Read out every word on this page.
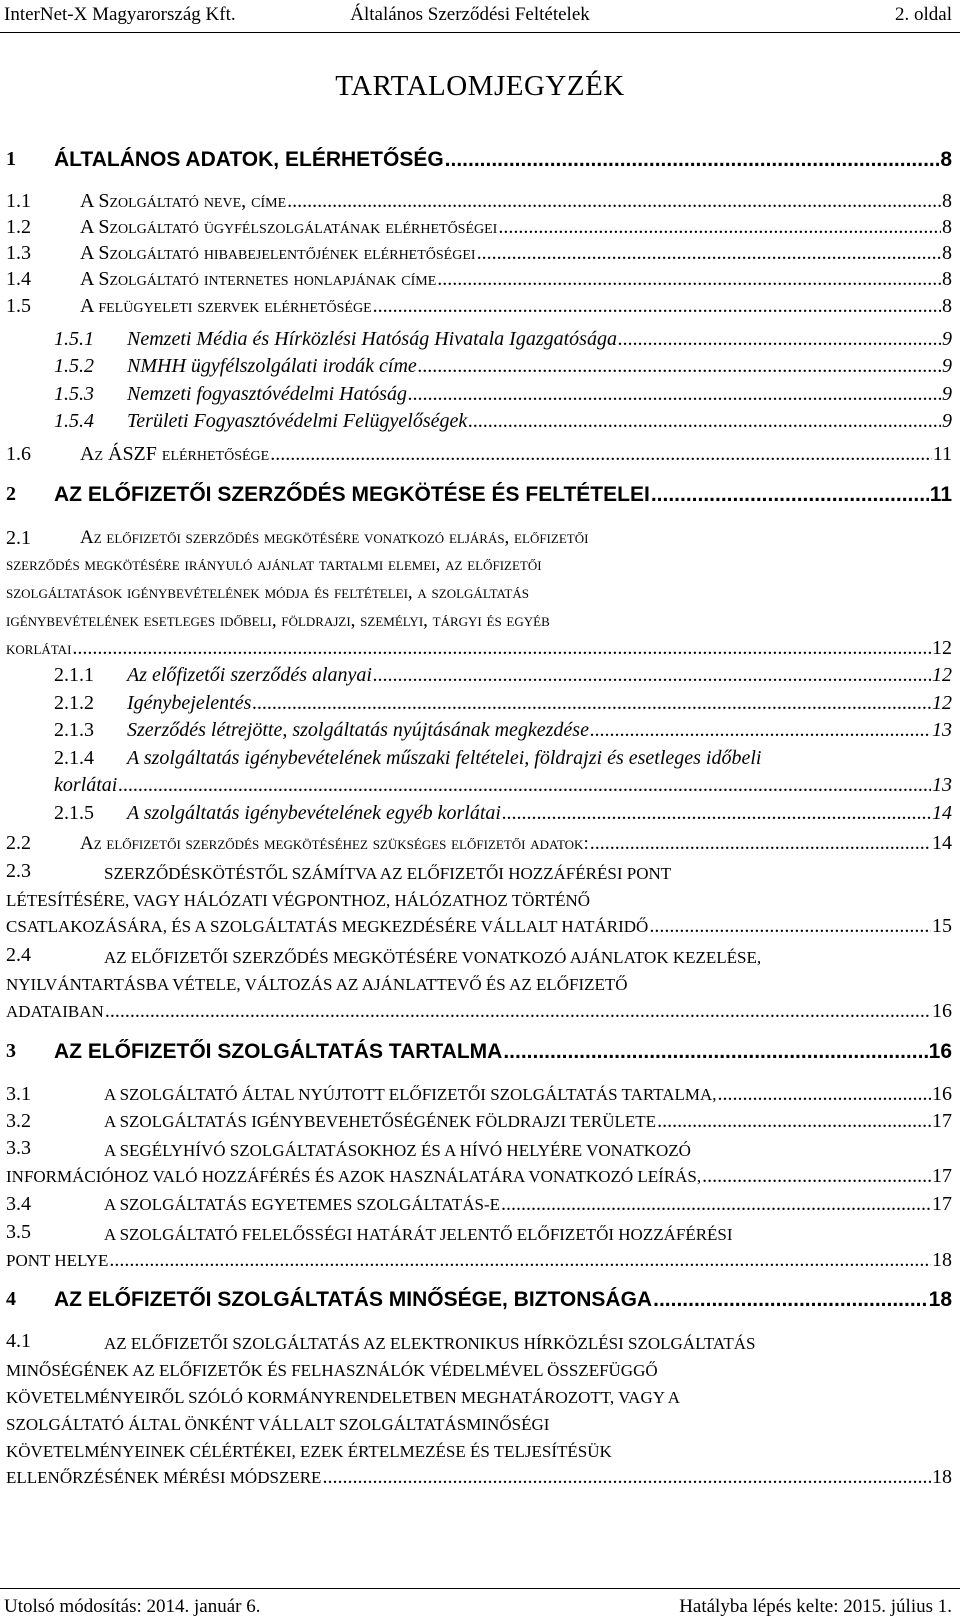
InterNet-X Magyarország Kft.	Általános Szerződési Feltételek	2. oldal
TARTALOMJEGYZÉK
1 ÁLTALÁNOS ADATOK, ELÉRHETŐSÉG .....	8
1.1 A Szolgáltató neve, címe .....	8
1.2 A Szolgáltató ügyfélszolgálatának elérhetőségei .....	8
1.3 A Szolgáltató hibabejelentőjének elérhetőségei .....	8
1.4 A Szolgáltató internetes honlapjának címe .....	8
1.5 A felügyeleti szervek elérhetősége .....	8
1.5.1 Nemzeti Média és Hírközlési Hatóság Hivatala Igazgatósága .....	9
1.5.2 NMHH ügyfélszolgálati irodák címe .....	9
1.5.3 Nemzeti fogyasztóvédelmi Hatóság .....	9
1.5.4 Területi Fogyasztóvédelmi Felügyelőségek .....	9
1.6 Az ÁSZF elérhetősége .....	11
2 AZ ELŐFIZETŐI SZERZŐDÉS MEGKÖTÉSE ÉS FELTÉTELEI .....	11
2.1	Az előfizetői szerződés megkötésére vonatkozó eljárás, előfizetői
szerződés megkötésére irányuló ajánlat tartalmi elemei, az előfizetői
szolgáltatások igénybevételének módja és feltételei, a szolgáltatás
igénybevételének esetleges időbeli, földrajzi, személyi, tárgyi és egyéb
korlátai .....	12
2.1.1 Az előfizetői szerződés alanyai .....	12
2.1.2 Igénybejelentés .....	12
2.1.3 Szerződés létrejötte, szolgáltatás nyújtásának megkezdése .....	13
2.1.4 A szolgáltatás igénybevételének műszaki feltételei, földrajzi és esetleges időbeli
korlátai .....	13
2.1.5 A szolgáltatás igénybevételének egyéb korlátai .....	14
2.2	Az előfizetői szerződés megkötéséhez szükséges előfizetői adatok: .....	14
2.3	SZERZŐDÉSKÖTÉSTŐL SZÁMÍTVA AZ ELŐFIZETŐI HOZZÁFÉRÉSI PONT
LÉTESÍTÉSÉRE, VAGY HÁLÓZATI VÉGPONTHOZ, HÁLÓZATHOZ TÖRTÉNŐ
CSATLAKOZÁSÁRA, ÉS A SZOLGÁLTATÁS MEGKEZDÉSÉRE VÁLLALT HATÁRIDŐ .....	15
2.4	AZ ELŐFIZETŐI SZERZŐDÉS MEGKÖTÉSÉRE VONATKOZÓ AJÁNLATOK KEZELÉSE,
NYILVÁNTARTÁSBA VÉTELE, VÁLTOZÁS AZ AJÁNLATTEVŐ ÉS AZ ELŐFIZETŐ
ADATAIBAN .....	16
3 AZ ELŐFIZETŐI SZOLGÁLTATÁS TARTALMA .....	16
3.1	A SZOLGÁLTATÓ ÁLTAL NYÚJTOTT ELŐFIZETŐI SZOLGÁLTATÁS TARTALMA, .....	16
3.2	A SZOLGÁLTATÁS IGÉNYBEVEHETŐSÉGÉNEK FÖLDRAJZI TERÜLETE .....	17
3.3	A SEGÉLYHÍVÓ SZOLGÁLTATÁSOKHOZ ÉS A HÍVÓ HELYÉRE VONATKOZÓ
INFORMÁCIÓHOZ VALÓ HOZZÁFÉRÉS ÉS AZOK HASZNÁLATÁRA VONATKOZÓ LEÍRÁS, .....	17
3.4	A SZOLGÁLTATÁS EGYETEMES SZOLGÁLTATÁS-E .....	17
3.5	A SZOLGÁLTATÓ FELELŐSSÉGI HATÁRÁT JELENTŐ ELŐFIZETŐI HOZZÁFÉRÉSI
PONT HELYE .....	18
4 AZ ELŐFIZETŐI SZOLGÁLTATÁS MINŐSÉGE, BIZTONSÁGA .....	18
4.1	AZ ELŐFIZETŐI SZOLGÁLTATÁS AZ ELEKTRONIKUS HÍRKÖZLÉSI SZOLGÁLTATÁS
MINŐSÉGÉNEK AZ ELŐFIZETŐK ÉS FELHASZNÁLÓK VÉDELMÉVEL ÖSSZEFÜGGŐ
KÖVETELMÉNYEIRŐL SZÓLÓ KORMÁNYRENDELETBEN MEGHATÁROZOTT, VAGY A
SZOLGÁLTATÓ ÁLTAL ÖNKÉNT VÁLLALT SZOLGÁLTATÁSMINŐSÉGI
KÖVETELMÉNYEINEK CÉLÉRTÉKEI, EZEK ÉRTELMEZÉSE ÉS TELJESÍTÉSÜK
ELLENŐRZÉSÉNEK MÉRÉSI MÓDSZERE .....	18
Utolsó módosítás: 2014. január 6.	Hatályba lépés kelte: 2015. július 1.
